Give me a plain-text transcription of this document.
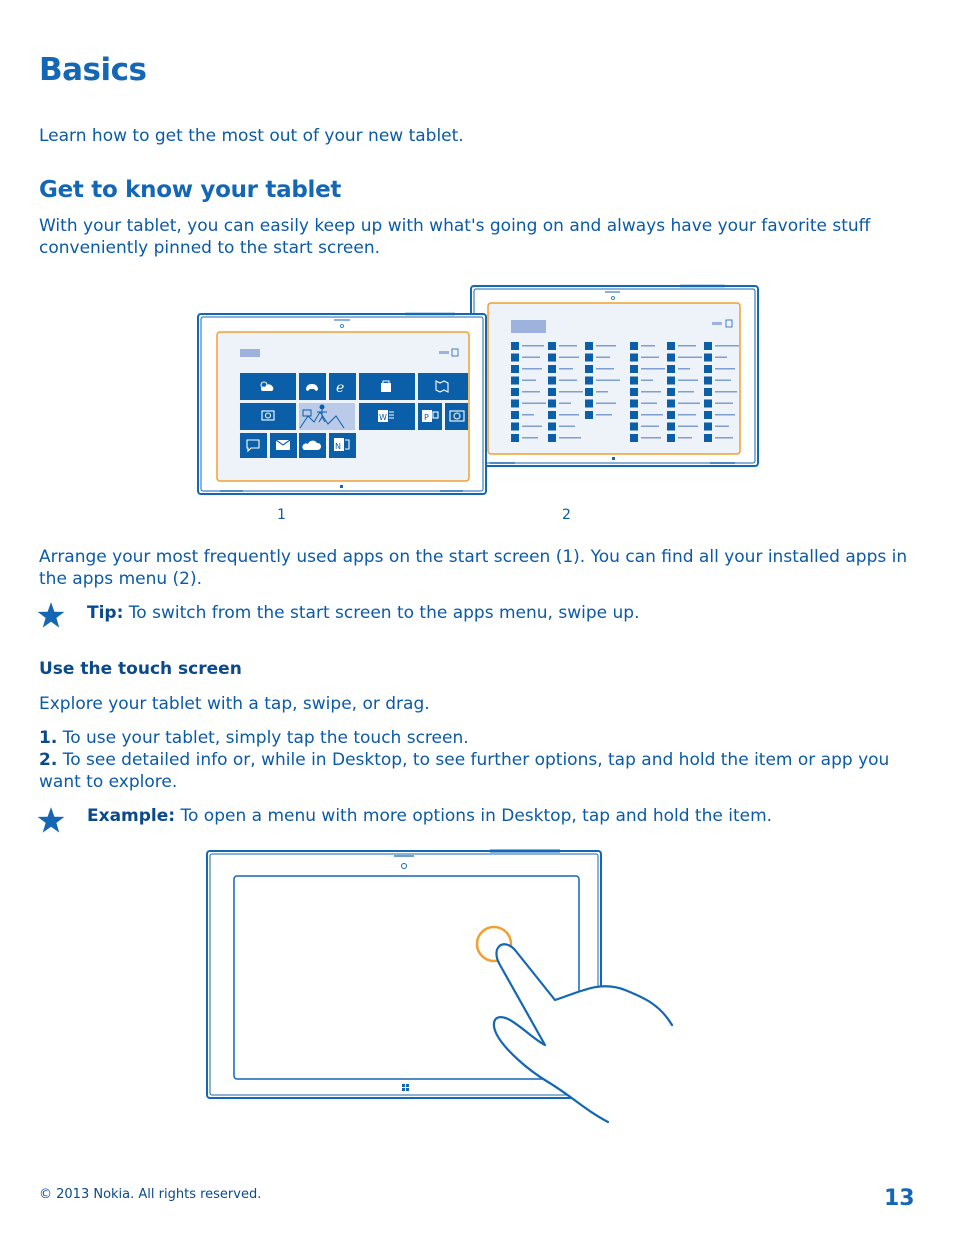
Basics
Learn how to get the most out of your new tablet.
Get to know your tablet
With your tablet, you can easily keep up with what's going on and always have your favorite stuff conveniently pinned to the start screen.
e
W	P
N
1	2
Arrange your most frequently used apps on the start screen (1). You can find all your installed apps in the apps menu (2).
Tip: To switch from the start screen to the apps menu, swipe up.
Use the touch screen
Explore your tablet with a tap, swipe, or drag.
1. To use your tablet, simply tap the touch screen.
2. To see detailed info or, while in Desktop, to see further options, tap and hold the item or app you want to explore.
Example: To open a menu with more options in Desktop, tap and hold the item.
© 2013 Nokia. All rights reserved.	13
